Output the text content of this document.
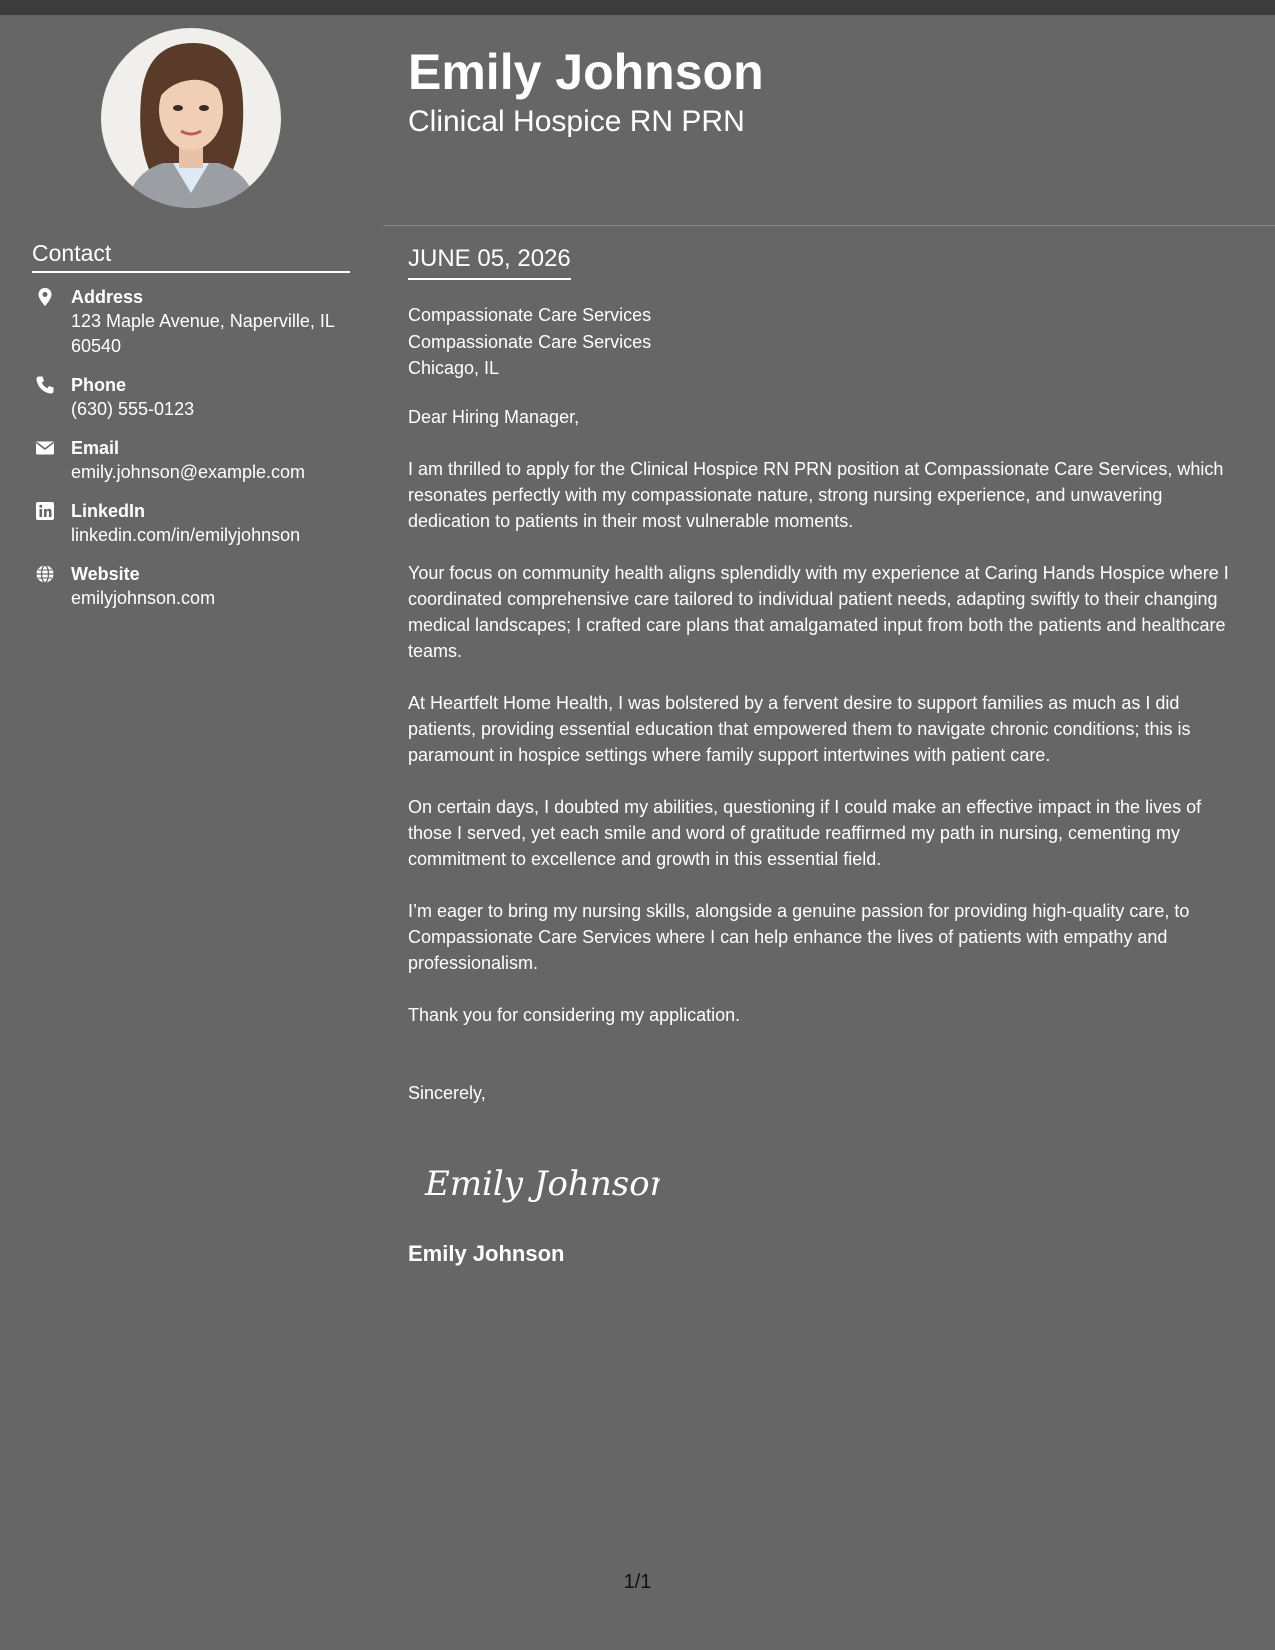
Contact
Address
123 Maple Avenue, Naperville, IL 60540
Phone
(630) 555-0123
Email
emily.johnson@example.com
LinkedIn
linkedin.com/in/emilyjohnson
Website
emilyjohnson.com
Emily Johnson
Clinical Hospice RN PRN
JUNE 05, 2026
Compassionate Care Services
Compassionate Care Services
Chicago, IL
Dear Hiring Manager,
I am thrilled to apply for the Clinical Hospice RN PRN position at Compassionate Care Services, which resonates perfectly with my compassionate nature, strong nursing experience, and unwavering dedication to patients in their most vulnerable moments.
Your focus on community health aligns splendidly with my experience at Caring Hands Hospice where I coordinated comprehensive care tailored to individual patient needs, adapting swiftly to their changing medical landscapes; I crafted care plans that amalgamated input from both the patients and healthcare teams.
At Heartfelt Home Health, I was bolstered by a fervent desire to support families as much as I did patients, providing essential education that empowered them to navigate chronic conditions; this is paramount in hospice settings where family support intertwines with patient care.
On certain days, I doubted my abilities, questioning if I could make an effective impact in the lives of those I served, yet each smile and word of gratitude reaffirmed my path in nursing, cementing my commitment to excellence and growth in this essential field.
I’m eager to bring my nursing skills, alongside a genuine passion for providing high-quality care, to Compassionate Care Services where I can help enhance the lives of patients with empathy and professionalism.
Thank you for considering my application.
Sincerely,
Emily Johnson
Emily Johnson
1/1
